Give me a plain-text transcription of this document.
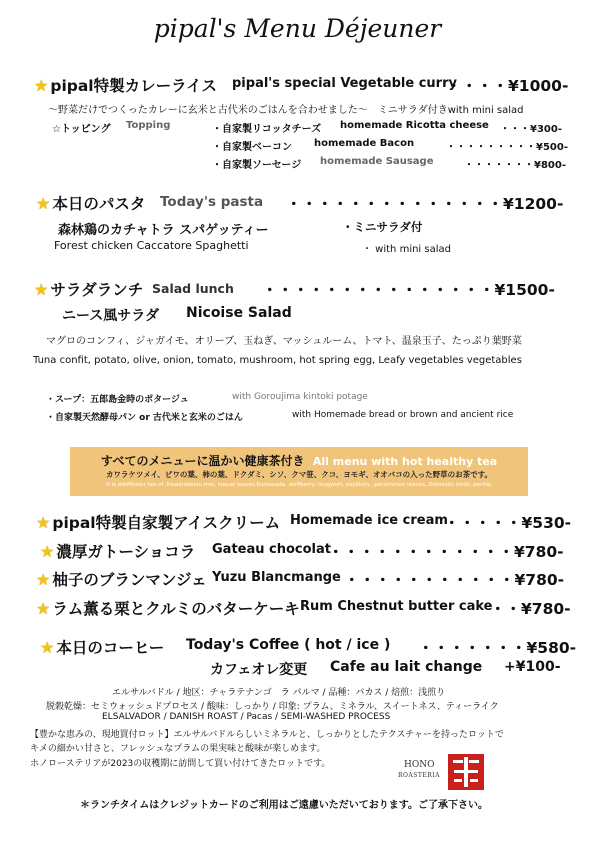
pipal's Menu Déjeuner
★ pipal特製カレーライス pipal's special Vegetable curry
・・・・¥1000-
～野菜だけでつくったカレーに玄米と古代米のごはんを合わせました～　ミニサラダ付きwith mini salad
☆トッピング Topping	・自家製リコッタチーズ homemade Ricotta cheese ・・・¥300-
・自家製ベーコン homemade Bacon	・・・・・・・・・¥500-
・自家製ソーセージ homemade Sausage	・・・・・・・¥800-
★ 本日のパスタ Today's pasta ・・・・・・・・・・・・・・¥1200-
森林鶏のカチャトラ スパゲッティー	・ミニサラダ付
Forest chicken Caccatore Spaghetti	・ with mini salad
★ サラダランチ Salad lunch ・・・・・・・・・・・・・・・¥1500-
ニース風サラダ Nicoise Salad
マグロのコンフィ、ジャガイモ、オリーブ、玉ねぎ、マッシュルーム、トマト、温泉玉子、たっぷり葉野菜
Tuna confit, potato, olive, onion, tomato, mushroom, hot spring egg, Leafy vegetables vegetables
・スープ：五郎島金時のポタージュ	with Goroujima kintoki potage
・自家製天然酵母パン or 古代米と玄米のごはん	with Homemade bread or brown and ancient rice
すべてのメニューに温かい健康茶付き All menu with hot healthy tea
カワラケツメイ、ビワの葉、柿の葉、ドクダミ、シソ、クマ笹、クコ、ヨモギ、オオバコの入った野草のお茶です。
It is wildflower tea of ,Kawaraketsu mei, loquat leaves,Kumasada, wolfberry, mugwort, psyllium,, persimmon leaves, Domestic birds, perilla,
★ pipal特製自家製アイスクリーム Homemade ice cream
・・・・・¥530-
★ 濃厚ガトーショコラ Gateau chocolat
・・・・・・・・・・・・¥780-
★ 柚子のブランマンジェ Yuzu Blancmange ・・・・・・・・・・・¥780-
★ ラム薫る栗とクルミのバターケーキ Rum Chestnut butter cake
・・¥780-
★ 本日のコーヒー Today's Coffee ( hot / ice ) ・・・・・・・¥580-
カフェオレ変更 Cafe au lait change +¥100-
エルサルバドル / 地区：チャラテナンゴ　ラ パルマ / 品種：パカス / 焙煎：浅煎り
脱穀乾燥：セミウォッシュドプロセス / 酸味：しっかり / 印象: プラム、ミネラル、スイートネス、ティーライク
ELSALVADOR / DANISH ROAST / Pacas / SEMI-WASHED PROCESS
【豊かな恵みの、現地買付ロット】エルサルバドルらしいミネラルと、しっかりとしたテクスチャーを持ったロットで
キメの細かい甘さと、フレッシュなプラムの果実味と酸味が楽しめます。
ホノローステリアが2023の収穫期に訪問して買い付けてきたロットです。	HONO
ROASTERIA
＊ランチタイムはクレジットカードのご利用はご遠慮いただいております。ご了承下さい。
